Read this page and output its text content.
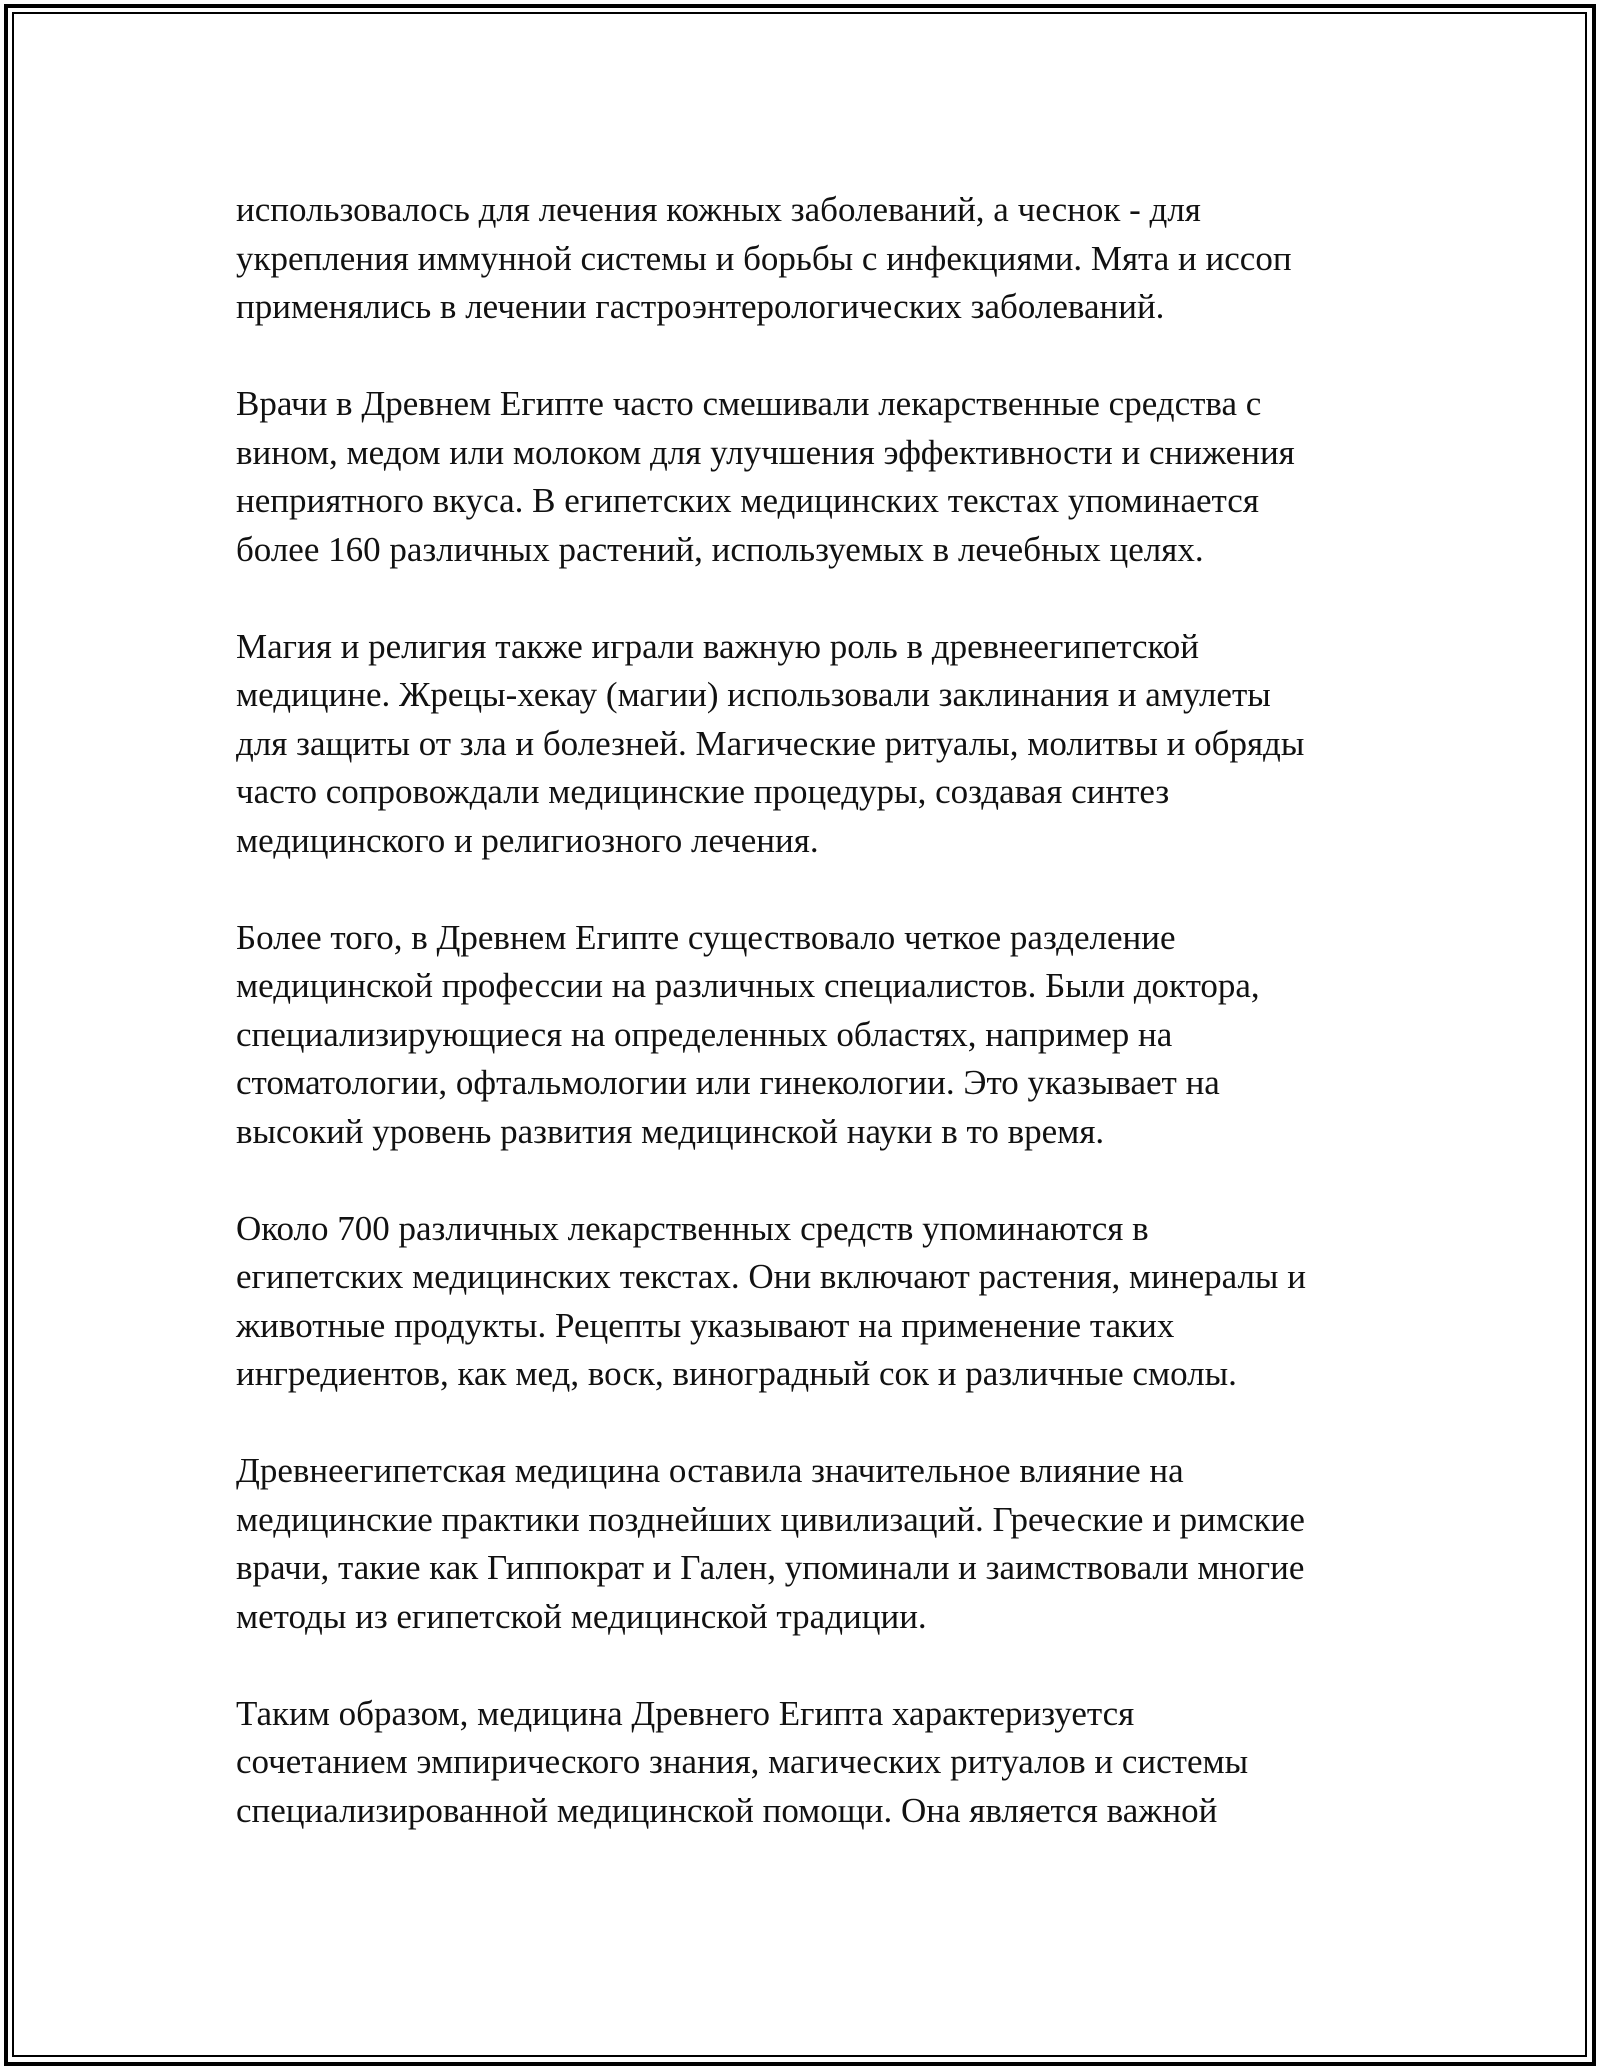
использовалось для лечения кожных заболеваний, а чеснок - для
укрепления иммунной системы и борьбы с инфекциями. Мята и иссоп
применялись в лечении гастроэнтерологических заболеваний.

Врачи в Древнем Египте часто смешивали лекарственные средства с
вином, медом или молоком для улучшения эффективности и снижения
неприятного вкуса. В египетских медицинских текстах упоминается
более 160 различных растений, используемых в лечебных целях.

Магия и религия также играли важную роль в древнеегипетской
медицине. Жрецы-хекау (магии) использовали заклинания и амулеты
для защиты от зла и болезней. Магические ритуалы, молитвы и обряды
часто сопровождали медицинские процедуры, создавая синтез
медицинского и религиозного лечения.

Более того, в Древнем Египте существовало четкое разделение
медицинской профессии на различных специалистов. Были доктора,
специализирующиеся на определенных областях, например на
стоматологии, офтальмологии или гинекологии. Это указывает на
высокий уровень развития медицинской науки в то время.

Около 700 различных лекарственных средств упоминаются в
египетских медицинских текстах. Они включают растения, минералы и
животные продукты. Рецепты указывают на применение таких
ингредиентов, как мед, воск, виноградный сок и различные смолы.

Древнеегипетская медицина оставила значительное влияние на
медицинские практики позднейших цивилизаций. Греческие и римские
врачи, такие как Гиппократ и Гален, упоминали и заимствовали многие
методы из египетской медицинской традиции.

Таким образом, медицина Древнего Египта характеризуется
сочетанием эмпирического знания, магических ритуалов и системы
специализированной медицинской помощи. Она является важной
